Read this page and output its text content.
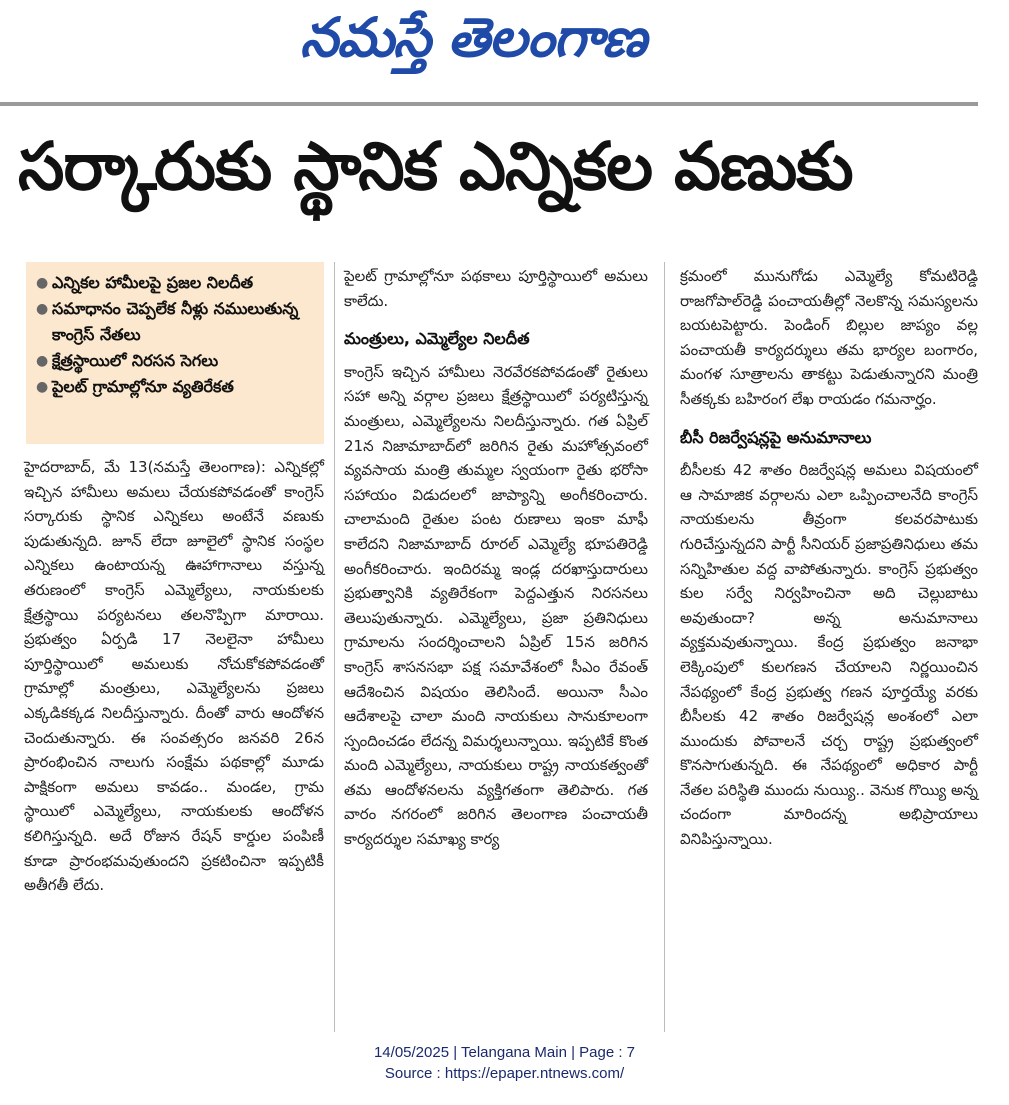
నమస్తే తెలంగాణ
సర్కారుకు స్థానిక ఎన్నికల వణుకు
● ఎన్నికల హామీలపై ప్రజల నిలదీత
● సమాధానం చెప్పలేక నీళ్లు నములుతున్న కాంగ్రెస్ నేతలు
● క్షేత్రస్థాయిలో నిరసన సెగలు
● పైలట్ గ్రామాల్లోనూ వ్యతిరేకత

హైదరాబాద్, మే 13(నమస్తే తెలంగాణ): ఎన్నికల్లో ఇచ్చిన హామీలు అమలు చేయకపోవడంతో కాంగ్రెస్ సర్కారుకు స్థానిక ఎన్నికలు అంటేనే వణుకు పుడుతున్నది. జూన్ లేదా జూలైలో స్థానిక సంస్థల ఎన్నికలు ఉంటాయన్న ఊహాగానాలు వస్తున్న తరుణంలో కాంగ్రెస్ ఎమ్మెల్యేలు, నాయకులకు క్షేత్రస్థాయి పర్యటనలు తలనొప్పిగా మారాయి. ప్రభుత్వం ఏర్పడి 17 నెలలైనా హామీలు పూర్తిస్థాయిలో అమలుకు నోచుకోకపోవడంతో గ్రామాల్లో మంత్రులు, ఎమ్మెల్యేలను ప్రజలు ఎక్కడికక్కడ నిలదీస్తున్నారు. దీంతో వారు ఆందోళన చెందుతున్నారు. ఈ సంవత్సరం జనవరి 26న ప్రారంభించిన నాలుగు సంక్షేమ పథకాల్లో మూడు పాక్షికంగా అమలు కావడం.. మండల, గ్రామ స్థాయిలో ఎమ్మెల్యేలు, నాయకులకు ఆందోళన కలిగిస్తున్నది. అదే రోజున రేషన్ కార్డుల పంపిణీ కూడా ప్రారంభమవుతుందని ప్రకటించినా ఇప్పటికీ అతీగతీ లేదు.

పైలట్ గ్రామాల్లోనూ పథకాలు పూర్తిస్థాయిలో అమలు కాలేదు.

మంత్రులు, ఎమ్మెల్యేల నిలదీత

కాంగ్రెస్ ఇచ్చిన హామీలు నెరవేరకపోవడంతో రైతులు సహా అన్ని వర్గాల ప్రజలు క్షేత్రస్థాయిలో పర్యటిస్తున్న మంత్రులు, ఎమ్మెల్యేలను నిలదీస్తున్నారు. గత ఏప్రిల్ 21న నిజామాబాద్‌లో జరిగిన రైతు మహోత్సవంలో వ్యవసాయ మంత్రి తుమ్మల స్వయంగా రైతు భరోసా సహాయం విడుదలలో జాప్యాన్ని అంగీకరించారు. చాలామంది రైతుల పంట రుణాలు ఇంకా మాఫీ కాలేదని నిజామాబాద్ రూరల్ ఎమ్మెల్యే భూపతిరెడ్డి అంగీకరించారు. ఇందిరమ్మ ఇండ్ల దరఖాస్తుదారులు ప్రభుత్వానికి వ్యతిరేకంగా పెద్దఎత్తున నిరసనలు తెలుపుతున్నారు. ఎమ్మెల్యేలు, ప్రజా ప్రతినిధులు గ్రామాలను సందర్శించాలని ఏప్రిల్ 15న జరిగిన కాంగ్రెస్ శాసనసభా పక్ష సమావేశంలో సీఎం రేవంత్ ఆదేశించిన విషయం తెలిసిందే. అయినా సీఎం ఆదేశాలపై చాలా మంది నాయకులు సానుకూలంగా స్పందించడం లేదన్న విమర్శలున్నాయి. ఇప్పటికే కొంత మంది ఎమ్మెల్యేలు, నాయకులు రాష్ట్ర నాయకత్వంతో తమ ఆందోళనలను వ్యక్తిగతంగా తెలిపారు. గత వారం నగరంలో జరిగిన తెలంగాణ పంచాయతీ కార్యదర్శుల సమాఖ్య కార్య

క్రమంలో మునుగోడు ఎమ్మెల్యే కోమటిరెడ్డి రాజగోపాల్‌రెడ్డి పంచాయతీల్లో నెలకొన్న సమస్యలను బయటపెట్టారు. పెండింగ్ బిల్లుల జాప్యం వల్ల పంచాయతీ కార్యదర్శులు తమ భార్యల బంగారం, మంగళ సూత్రాలను తాకట్టు పెడుతున్నారని మంత్రి సీతక్కకు బహిరంగ లేఖ రాయడం గమనార్హం.

బీసీ రిజర్వేషన్లపై అనుమానాలు

బీసీలకు 42 శాతం రిజర్వేషన్ల అమలు విషయంలో ఆ సామాజిక వర్గాలను ఎలా ఒప్పించాలనేది కాంగ్రెస్ నాయకులను తీవ్రంగా కలవరపాటుకు గురిచేస్తున్నదని పార్టీ సీనియర్ ప్రజాప్రతినిధులు తమ సన్నిహితుల వద్ద వాపోతున్నారు. కాంగ్రెస్ ప్రభుత్వం కుల సర్వే నిర్వహించినా అది చెల్లుబాటు అవుతుందా? అన్న అనుమానాలు వ్యక్తమవుతున్నాయి. కేంద్ర ప్రభుత్వం జనాభా లెక్కింపులో కులగణన చేయాలని నిర్ణయించిన నేపథ్యంలో కేంద్ర ప్రభుత్వ గణన పూర్తయ్యే వరకు బీసీలకు 42 శాతం రిజర్వేషన్ల అంశంలో ఎలా ముందుకు పోవాలనే చర్చ రాష్ట్ర ప్రభుత్వంలో కొనసాగుతున్నది. ఈ నేపథ్యంలో అధికార పార్టీ నేతల పరిస్థితి ముందు నుయ్యి.. వెనుక గొయ్యి అన్న చందంగా మారిందన్న అభిప్రాయాలు వినిపిస్తున్నాయి.

14/05/2025 | Telangana Main | Page : 7
Source : https://epaper.ntnews.com/
